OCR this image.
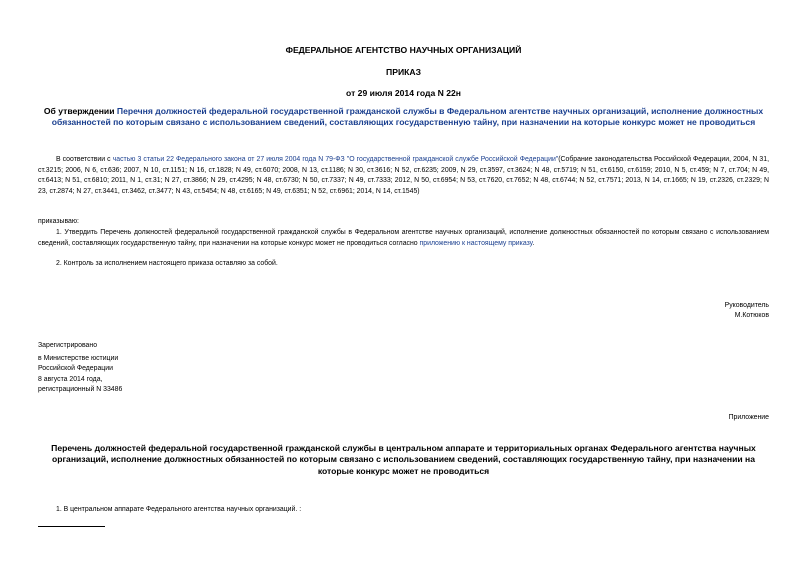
ФЕДЕРАЛЬНОЕ АГЕНТСТВО НАУЧНЫХ ОРГАНИЗАЦИЙ
ПРИКАЗ
от 29 июля 2014 года N 22н
Об утверждении Перечня должностей федеральной государственной гражданской службы в Федеральном агентстве научных организаций, исполнение должностных обязанностей по которым связано с использованием сведений, составляющих государственную тайну, при назначении на которые конкурс может не проводиться
В соответствии с частью 3 статьи 22 Федерального закона от 27 июля 2004 года N 79-ФЗ "О государственной гражданской службе Российской Федерации"(Собрание законодательства Российской Федерации, 2004, N 31, ст.3215; 2006, N 6, ст.636; 2007, N 10, ст.1151; N 16, ст.1828; N 49, ст.6070; 2008, N 13, ст.1186; N 30, ст.3616; N 52, ст.6235; 2009, N 29, ст.3597, ст.3624; N 48, ст.5719; N 51, ст.6150, ст.6159; 2010, N 5, ст.459; N 7, ст.704; N 49, ст.6413; N 51, ст.6810; 2011, N 1, ст.31; N 27, ст.3866; N 29, ст.4295; N 48, ст.6730; N 50, ст.7337; N 49, ст.7333; 2012, N 50, ст.6954; N 53, ст.7620, ст.7652; N 48, ст.6744; N 52, ст.7571; 2013, N 14, ст.1665; N 19, ст.2326, ст.2329; N 23, ст.2874; N 27, ст.3441, ст.3462, ст.3477; N 43, ст.5454; N 48, ст.6165; N 49, ст.6351; N 52, ст.6961; 2014, N 14, ст.1545)
приказываю:
1. Утвердить Перечень должностей федеральной государственной гражданской службы в Федеральном агентстве научных организаций, исполнение должностных обязанностей по которым связано с использованием сведений, составляющих государственную тайну, при назначении на которые конкурс может не проводиться согласно приложению к настоящему приказу.
2. Контроль за исполнением настоящего приказа оставляю за собой.
Руководитель
М.Котюков
Зарегистрировано
в Министерстве юстиции
Российской Федерации
8 августа 2014 года,
регистрационный N 33486
Приложение
Перечень должностей федеральной государственной гражданской службы в центральном аппарате и территориальных органах Федерального агентства научных организаций, исполнение должностных обязанностей по которым связано с использованием сведений, составляющих государственную тайну, при назначении на которые конкурс может не проводиться
1. В центральном аппарате Федерального агентства научных организаций. :
